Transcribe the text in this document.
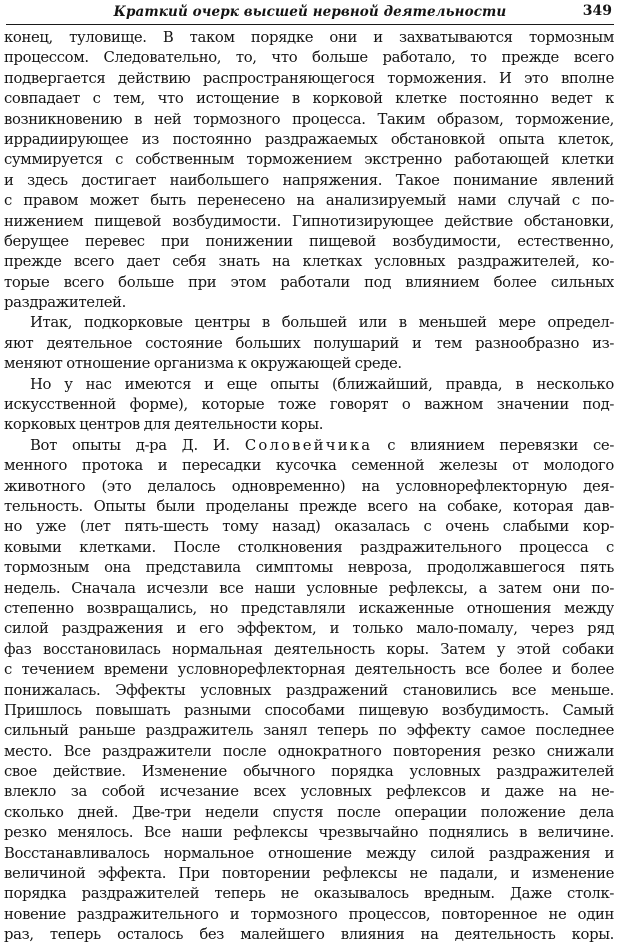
Краткий очерк высшей нервной деятельности	349
конец, туловище. В таком порядке они и захватываются тормозным
процессом. Следовательно, то, что больше работало, то прежде всего
подвергается действию распространяющегося торможения. И это вполне
совпадает с тем, что истощение в корковой клетке постоянно ведет к
возникновению в ней тормозного процесса. Таким образом, торможение,
иррадиирующее из постоянно раздражаемых обстановкой опыта клеток,
суммируется с собственным торможением экстренно работающей клетки
и здесь достигает наибольшего напряжения. Такое понимание явлений
с правом может быть перенесено на анализируемый нами случай с по-
нижением пищевой возбудимости. Гипнотизирующее действие обстановки,
берущее перевес при понижении пищевой возбудимости, естественно,
прежде всего дает себя знать на клетках условных раздражителей, ко-
торые всего больше при этом работали под влиянием более сильных
раздражителей.
Итак, подкорковые центры в большей или в меньшей мере определ-
яют деятельное состояние больших полушарий и тем разнообразно из-
меняют отношение организма к окружающей среде.
Но у нас имеются и еще опыты (ближайший, правда, в несколько
искусственной форме), которые тоже говорят о важном значении под-
корковых центров для деятельности коры.
Вот опыты д-ра Д. И. Соловейчика с влиянием перевязки се-
менного протока и пересадки кусочка семенной железы от молодого
животного (это делалось одновременно) на условнорефлекторную дея-
тельность. Опыты были проделаны прежде всего на собаке, которая дав-
но уже (лет пять-шесть тому назад) оказалась с очень слабыми кор-
ковыми клетками. После столкновения раздражительного процесса с
тормозным она представила симптомы невроза, продолжавшегося пять
недель. Сначала исчезли все наши условные рефлексы, а затем они по-
степенно возвращались, но представляли искаженные отношения между
силой раздражения и его эффектом, и только мало-помалу, через ряд
фаз восстановилась нормальная деятельность коры. Затем у этой собаки
с течением времени условнорефлекторная деятельность все более и более
понижалась. Эффекты условных раздражений становились все меньше.
Пришлось повышать разными способами пищевую возбудимость. Самый
сильный раньше раздражитель занял теперь по эффекту самое последнее
место. Все раздражители после однократного повторения резко снижали
свое действие. Изменение обычного порядка условных раздражителей
влекло за собой исчезание всех условных рефлексов и даже на не-
сколько дней. Две-три недели спустя после операции положение дела
резко менялось. Все наши рефлексы чрезвычайно поднялись в величине.
Восстанавливалось нормальное отношение между силой раздражения и
величиной эффекта. При повторении рефлексы не падали, и изменение
порядка раздражителей теперь не оказывалось вредным. Даже столк-
новение раздражительного и тормозного процессов, повторенное не один
раз, теперь осталось без малейшего влияния на деятельность коры.
